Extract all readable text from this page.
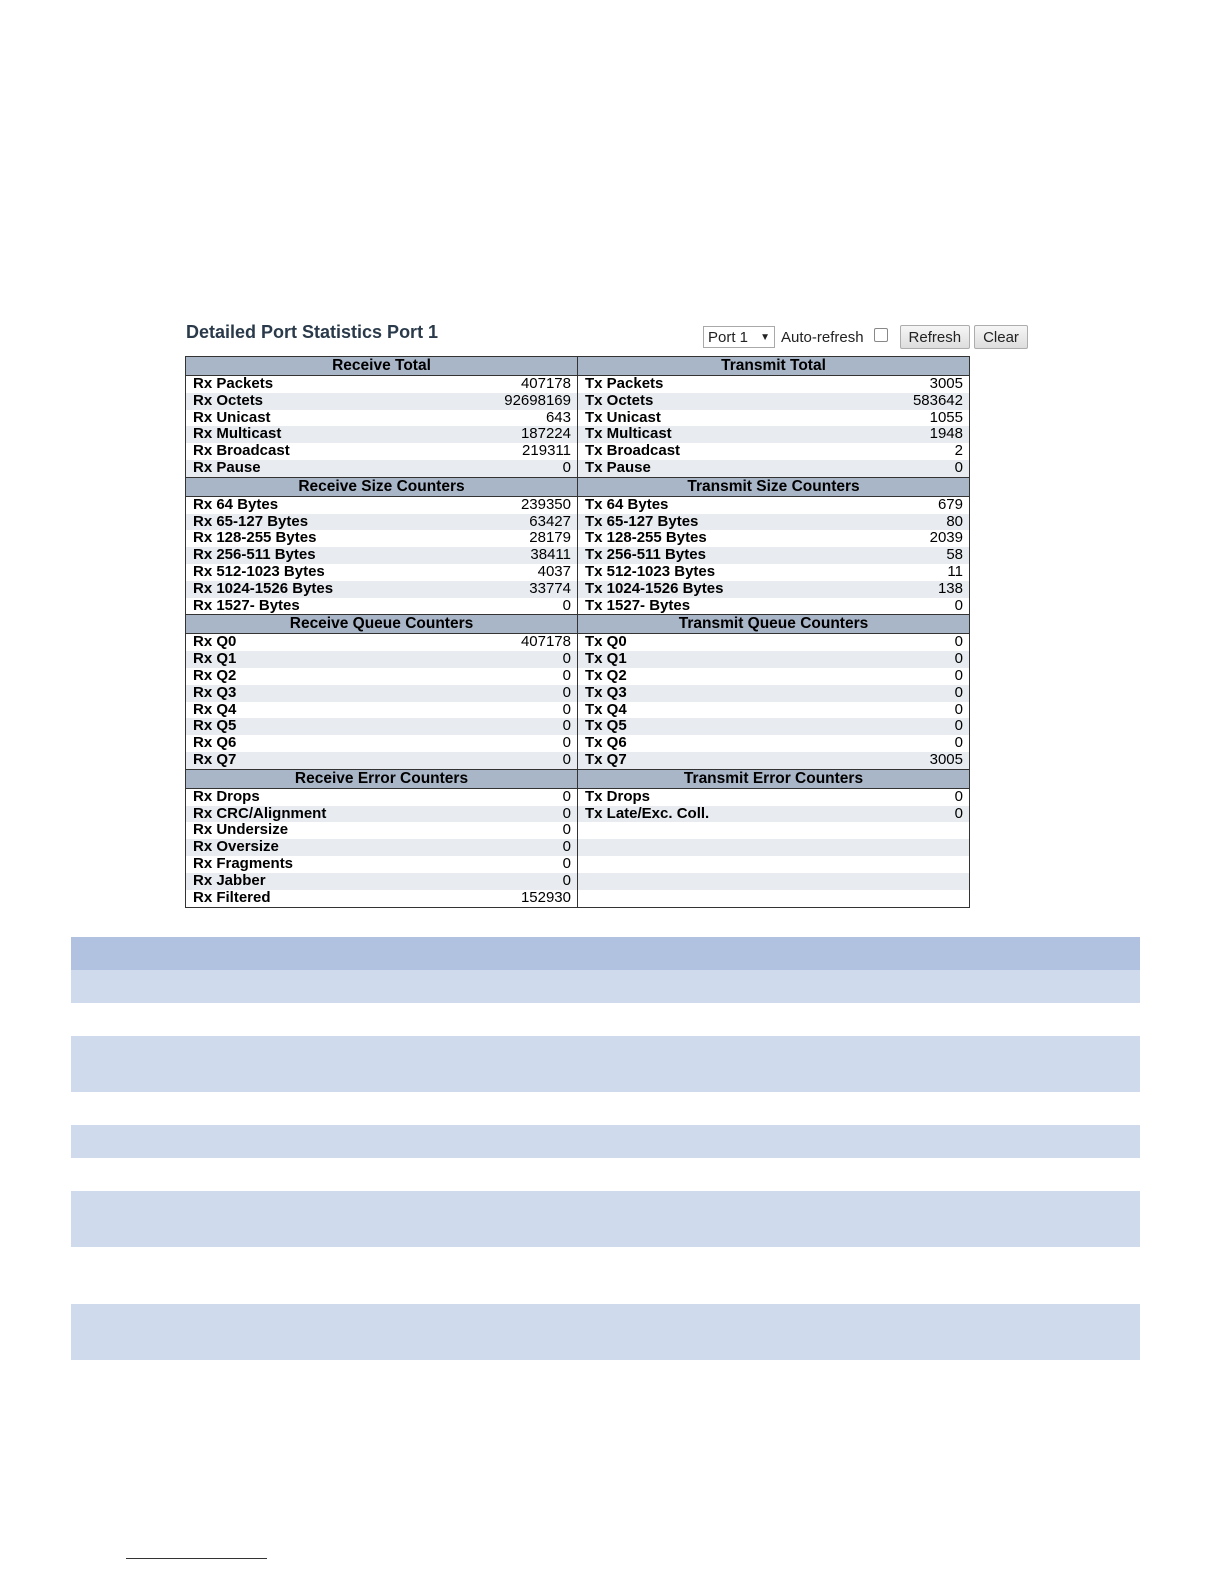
Detailed Port Statistics Port 1	Port 1 ▼ Auto-refresh	Refresh	Clear
Receive Total	Transmit Total
Rx Packets	407178 Tx Packets	3005
Rx Octets	92698169 Tx Octets	583642
Rx Unicast	643 Tx Unicast	1055
Rx Multicast	187224 Tx Multicast	1948
Rx Broadcast	219311 Tx Broadcast	2
Rx Pause	0 Tx Pause	0
Receive Size Counters	Transmit Size Counters
Rx 64 Bytes	239350 Tx 64 Bytes	679
Rx 65-127 Bytes	63427 Tx 65-127 Bytes	80
Rx 128-255 Bytes	28179 Tx 128-255 Bytes	2039
Rx 256-511 Bytes	38411 Tx 256-511 Bytes	58
Rx 512-1023 Bytes	4037 Tx 512-1023 Bytes	11
Rx 1024-1526 Bytes	33774 Tx 1024-1526 Bytes	138
Rx 1527- Bytes	0 Tx 1527- Bytes	0
Receive Queue Counters	Transmit Queue Counters
Rx Q0	407178 Tx Q0	0
Rx Q1	0 Tx Q1	0
Rx Q2	0 Tx Q2	0
Rx Q3	0 Tx Q3	0
Rx Q4	0 Tx Q4	0
Rx Q5	0 Tx Q5	0
Rx Q6	0 Tx Q6	0
Rx Q7	0 Tx Q7	3005
Receive Error Counters	Transmit Error Counters
Rx Drops	0 Tx Drops	0
Rx CRC/Alignment	0 Tx Late/Exc. Coll.	0
Rx Undersize	0
Rx Oversize	0
Rx Fragments	0
Rx Jabber	0
Rx Filtered	152930
